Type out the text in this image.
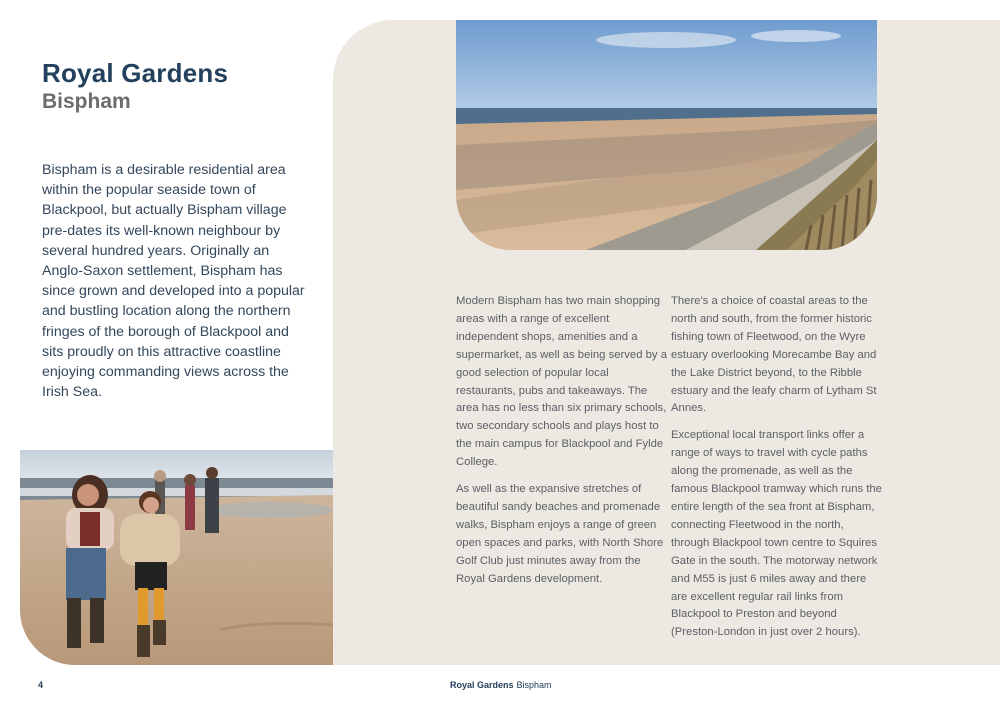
Royal Gardens
Bispham

Bispham is a desirable residential area within the popular seaside town of Blackpool, but actually Bispham village pre-dates its well-known neighbour by several hundred years. Originally an Anglo-Saxon settlement, Bispham has since grown and developed into a popular and bustling location along the northern fringes of the borough of Blackpool and sits proudly on this attractive coastline enjoying commanding views across the Irish Sea.

Modern Bispham has two main shopping areas with a range of excellent independent shops, amenities and a supermarket, as well as being served by a good selection of popular local restaurants, pubs and takeaways. The area has no less than six primary schools, two secondary schools and plays host to the main campus for Blackpool and Fylde College.

As well as the expansive stretches of beautiful sandy beaches and promenade walks, Bispham enjoys a range of green open spaces and parks, with North Shore Golf Club just minutes away from the Royal Gardens development.

There's a choice of coastal areas to the north and south, from the former historic fishing town of Fleetwood, on the Wyre estuary overlooking Morecambe Bay and the Lake District beyond, to the Ribble estuary and the leafy charm of Lytham St Annes.

Exceptional local transport links offer a range of ways to travel with cycle paths along the promenade, as well as the famous Blackpool tramway which runs the entire length of the sea front at Bispham, connecting Fleetwood in the north, through Blackpool town centre to Squires Gate in the south. The motorway network and M55 is just 6 miles away and there are excellent regular rail links from Blackpool to Preston and beyond (Preston-London in just over 2 hours).

4	Royal Gardens Bispham
